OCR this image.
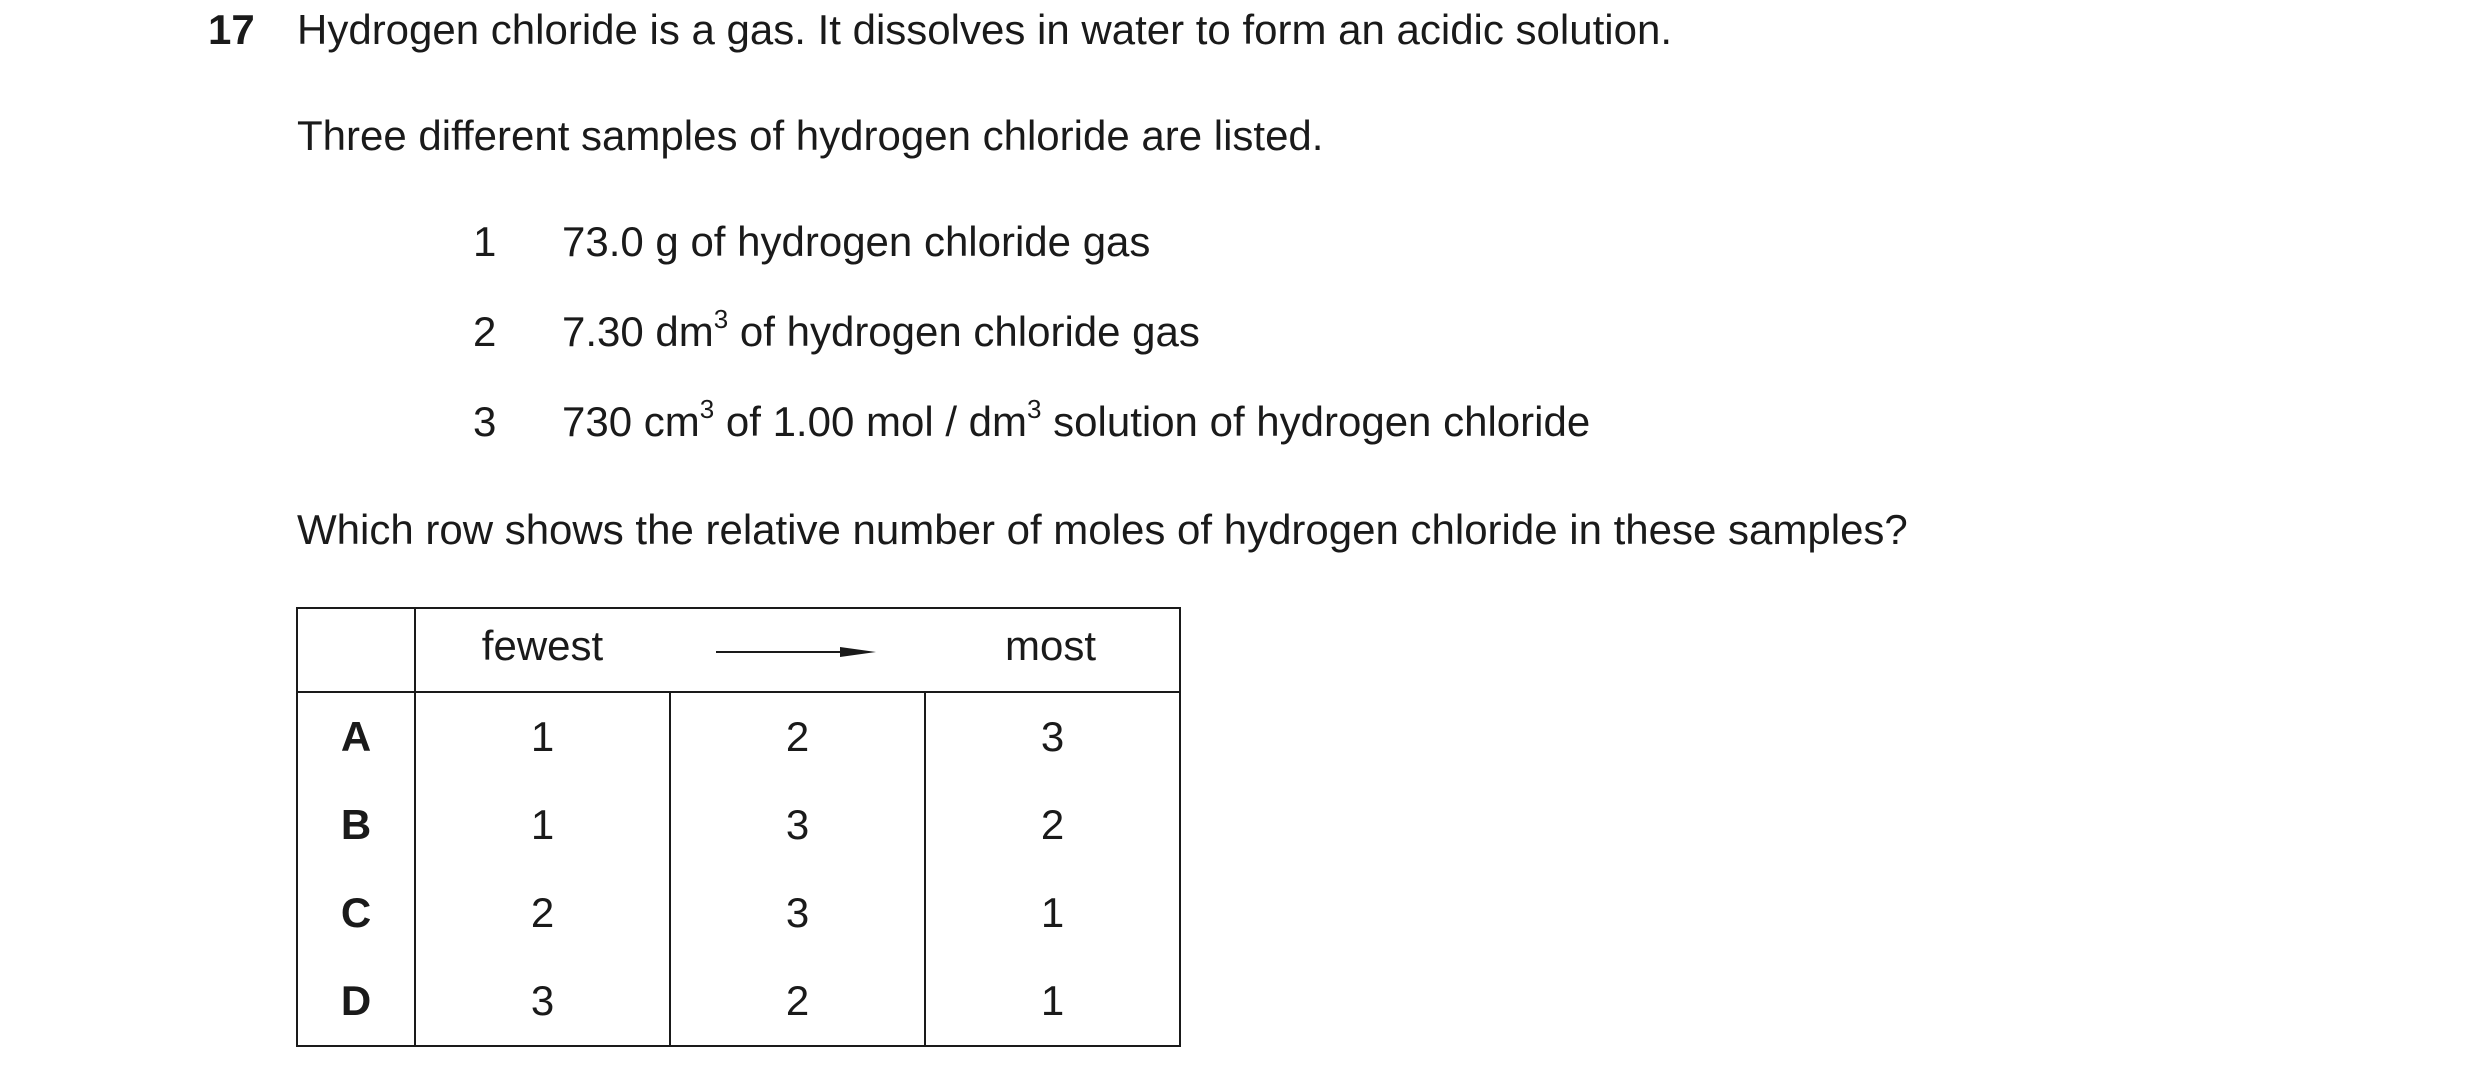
17 Hydrogen chloride is a gas. It dissolves in water to form an acidic solution.
Three different samples of hydrogen chloride are listed.
1 73.0 g of hydrogen chloride gas
2 7.30 $dm^3$ of hydrogen chloride gas
3 730 $cm^3$ of 1.00 mol / $dm^3$ solution of hydrogen chloride
Which row shows the relative number of moles of hydrogen chloride in these samples?

	fewest most		

A	1	2	3
B	1	3	2
C	2	3	1
D	3	2	1
